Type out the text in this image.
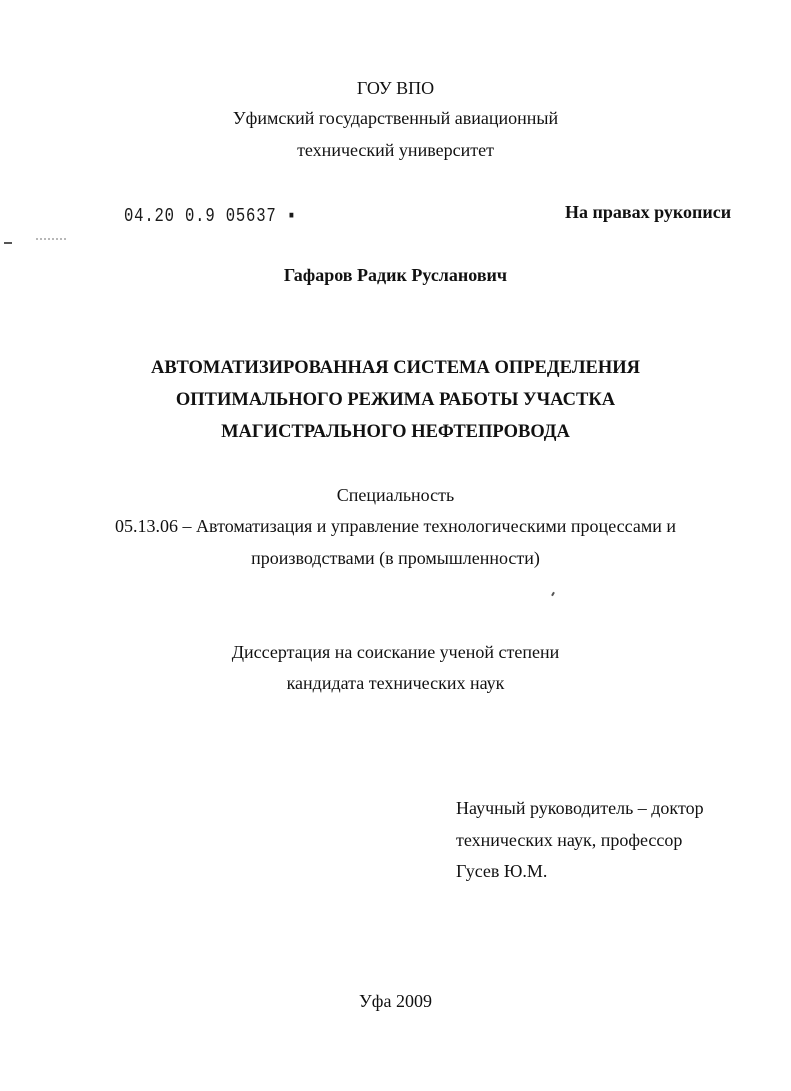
ГОУ ВПО
Уфимский государственный авиационный
технический университет
04.20 0.9 05637 ▪	На правах рукописи
Гафаров Радик Русланович
АВТОМАТИЗИРОВАННАЯ СИСТЕМА ОПРЕДЕЛЕНИЯ
ОПТИМАЛЬНОГО РЕЖИМА РАБОТЫ УЧАСТКА
МАГИСТРАЛЬНОГО НЕФТЕПРОВОДА
Специальность
05.13.06 – Автоматизация и управление технологическими процессами и
производствами (в промышленности)
Диссертация на соискание ученой степени
кандидата технических наук
Научный руководитель – доктор
технических наук, профессор
Гусев Ю.М.
Уфа 2009
